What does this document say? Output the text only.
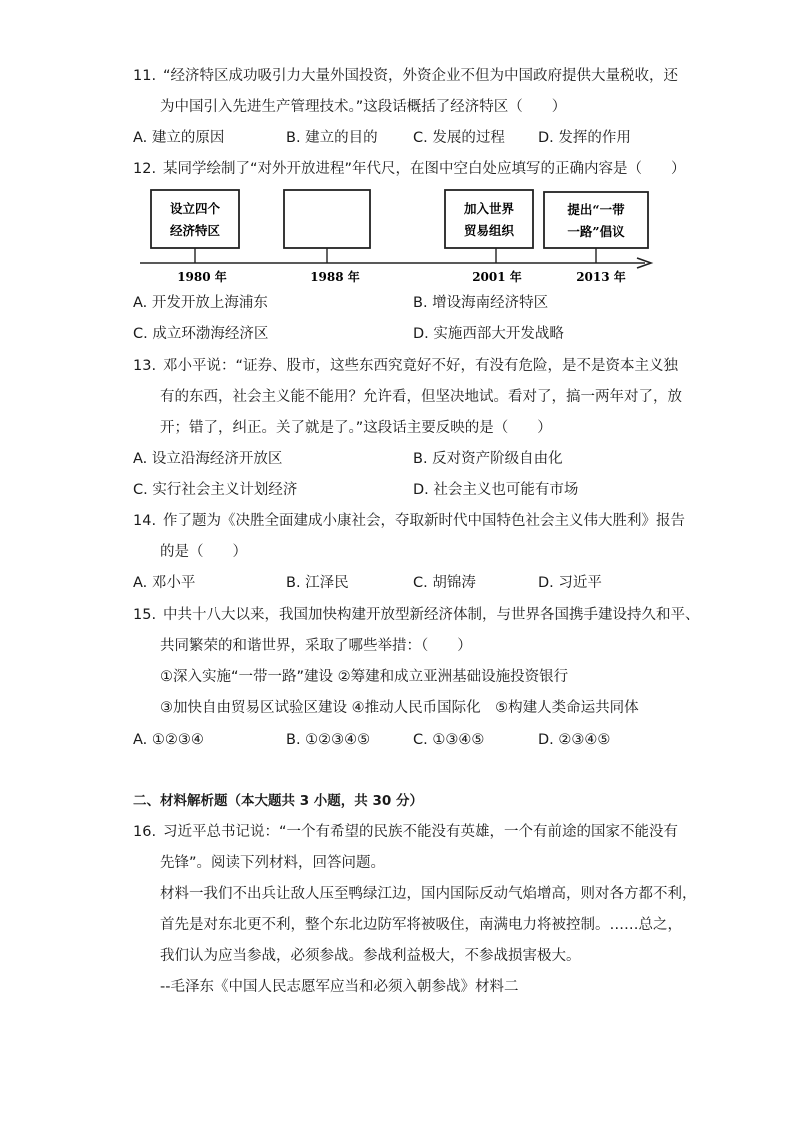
11. “经济特区成功吸引力大量外国投资，外资企业不但为中国政府提供大量税收，还
为中国引入先进生产管理技术。”这段话概括了经济特区（　　）
A. 建立的原因	B. 建立的目的 C. 发展的过程 D. 发挥的作用
12. 某同学绘制了“对外开放进程”年代尺，在图中空白处应填写的正确内容是（　　）
设立四个
经济特区
加入世界
贸易组织
提出“一带
一路”倡议
1980 年	1988 年	2001 年	2013 年
A. 开发开放上海浦东	B. 增设海南经济特区
C. 成立环渤海经济区	D. 实施西部大开发战略
13. 邓小平说：“证券、股市，这些东西究竟好不好，有没有危险，是不是资本主义独
有的东西，社会主义能不能用？允许看，但坚决地试。看对了，搞一两年对了，放
开；错了，纠正。关了就是了。”这段话主要反映的是（　　）
A. 设立沿海经济开放区	B. 反对资产阶级自由化
C. 实行社会主义计划经济	D. 社会主义也可能有市场
14. 作了题为《决胜全面建成小康社会，夺取新时代中国特色社会主义伟大胜利》报告
的是（　　）
A. 邓小平	B. 江泽民	C. 胡锦涛	D. 习近平
15. 中共十八大以来，我国加快构建开放型新经济体制，与世界各国携手建设持久和平、
共同繁荣的和谐世界，采取了哪些举措：（　　）
①深入实施“一带一路”建设 ②筹建和成立亚洲基础设施投资银行
③加快自由贸易区试验区建设 ④推动人民币国际化　⑤构建人类命运共同体
A. ①②③④	B. ①②③④⑤	C. ①③④⑤	D. ②③④⑤
二、材料解析题（本大题共 3 小题，共 30 分）
16. 习近平总书记说：“一个有希望的民族不能没有英雄，一个有前途的国家不能没有
先锋”。阅读下列材料，回答问题。
材料一我们不出兵让敌人压至鸭绿江边，国内国际反动气焰增高，则对各方都不利，
首先是对东北更不利，整个东北边防军将被吸住，南满电力将被控制。……总之，
我们认为应当参战，必须参战。参战利益极大，不参战损害极大。
--毛泽东《中国人民志愿军应当和必须入朝参战》材料二
